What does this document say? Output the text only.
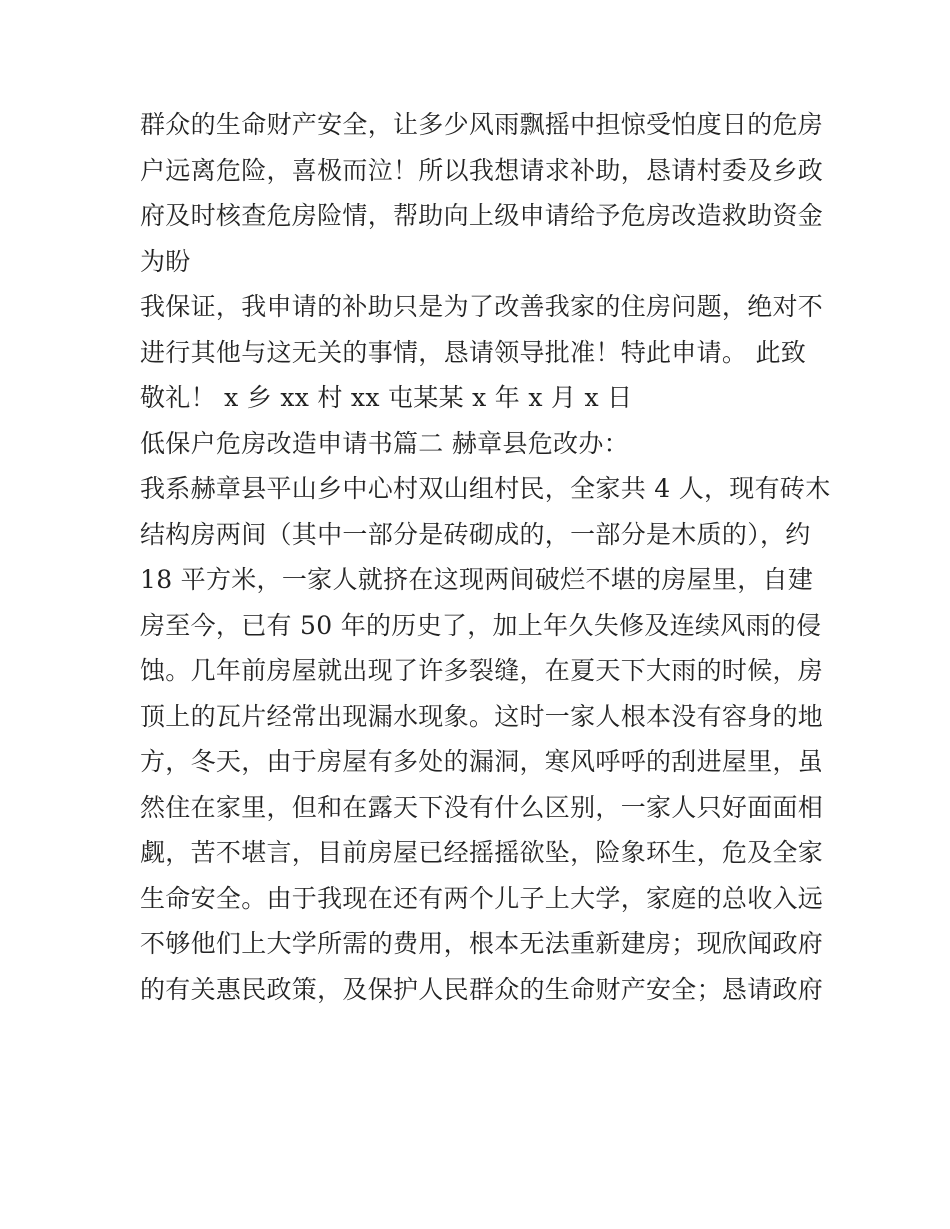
群众的生命财产安全，让多少风雨飘摇中担惊受怕度日的危房
户远离危险，喜极而泣！所以我想请求补助，恳请村委及乡政
府及时核查危房险情，帮助向上级申请给予危房改造救助资金
为盼
我保证，我申请的补助只是为了改善我家的住房问题，绝对不
进行其他与这无关的事情，恳请领导批准！特此申请。 此致
敬礼！ x 乡 xx 村 xx 屯某某 x 年 x 月 x 日
低保户危房改造申请书篇二 赫章县危改办：
我系赫章县平山乡中心村双山组村民，全家共 4 人，现有砖木
结构房两间（其中一部分是砖砌成的，一部分是木质的），约
18 平方米，一家人就挤在这现两间破烂不堪的房屋里，自建
房至今，已有 50 年的历史了，加上年久失修及连续风雨的侵
蚀。几年前房屋就出现了许多裂缝，在夏天下大雨的时候，房
顶上的瓦片经常出现漏水现象。这时一家人根本没有容身的地
方，冬天，由于房屋有多处的漏洞，寒风呼呼的刮进屋里，虽
然住在家里，但和在露天下没有什么区别，一家人只好面面相
觑，苦不堪言，目前房屋已经摇摇欲坠，险象环生，危及全家
生命安全。由于我现在还有两个儿子上大学，家庭的总收入远
不够他们上大学所需的费用，根本无法重新建房；现欣闻政府
的有关惠民政策，及保护人民群众的生命财产安全；恳请政府
